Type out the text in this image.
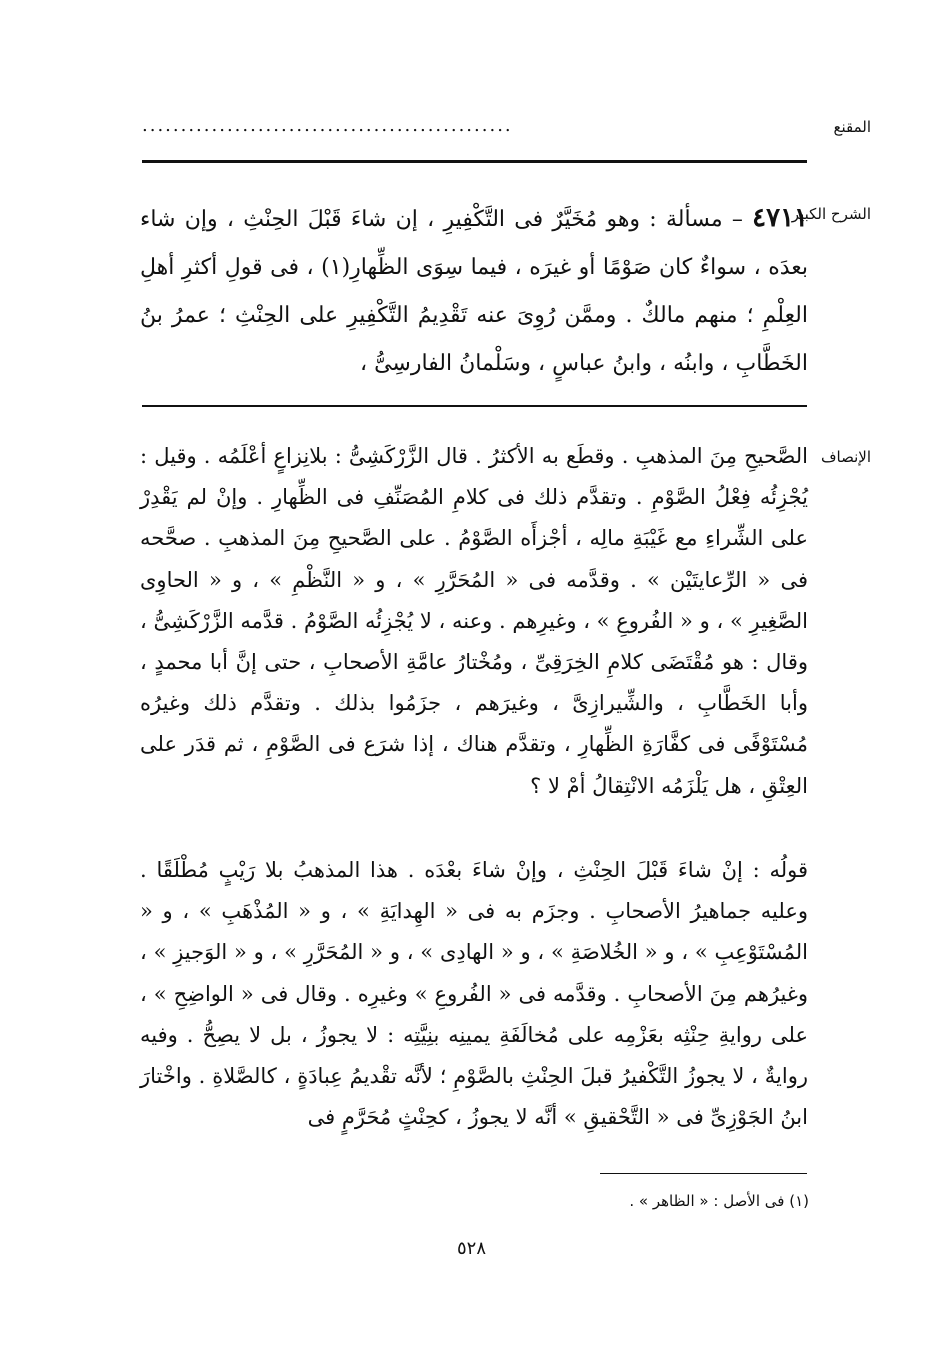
المقنع
................................................
الشرح الكبير

٤٧١١ – مسألة : وهو مُخَيَّرٌ فى التَّكْفِيرِ ، إن شاءَ قَبْلَ الحِنْثِ ، وإن شاء بعدَه ، سواءٌ كان صَوْمًا أو غيرَه ، فيما سِوَى الظِّهارِ(١) ، فى قولِ أكثرِ أهلِ العِلْمِ ؛ منهم مالكٌ . وممَّن رُوِىَ عنه تَقْدِيمُ التَّكْفِيرِ على الحِنْثِ ؛ عمرُ بنُ الخَطَّابِ ، وابنُه ، وابنُ عباسٍ ، وسَلْمانُ الفارسِىُّ ،

الإنصاف

الصَّحيحِ مِنَ المذهبِ . وقطَع به الأكثرُ . قال الزَّرْكَشِىُّ : بلانِزاعٍ أعْلَمُه . وقيل : يُجْزِئُه فِعْلُ الصَّوْمِ . وتقدَّم ذلك فى كلامِ المُصَنِّفِ فى الظِّهارِ . وإنْ لم يَقْدِرْ على الشِّراءِ مع غَيْبَةِ مالِه ، أجْزأَه الصَّوْمُ . على الصَّحيحِ مِنَ المذهبِ . صحَّحه فى « الرِّعايتَيْن » . وقدَّمه فى « المُحَرَّرِ » ، و « النَّظْمِ » ، و « الحاوِى الصَّغِيرِ » ، و « الفُروعِ » ، وغيرِهم . وعنه ، لا يُجْزِئُه الصَّوْمُ . قدَّمه الزَّرْكَشِىُّ ، وقال : هو مُقْتَضَى كلامِ الخِرَقِىِّ ، ومُخْتارُ عامَّةِ الأصحابِ ، حتى إنَّ أبا محمدٍ ، وأبا الخَطَّابِ ، والشِّيرازِىَّ ، وغيرَهم ، جزَمُوا بذلك . وتقدَّم ذلك وغيرُه مُسْتَوْفًى فى كفَّارَةِ الظِّهارِ ، وتقدَّم هناك ، إذا شرَع فى الصَّوْمِ ، ثم قدَر على العِتْقِ ، هل يَلْزَمُه الانْتِقالُ أمْ لا ؟

قولُه : إنْ شاءَ قَبْلَ الحِنْثِ ، وإنْ شاءَ بعْدَه . هذا المذهبُ بلا رَيْبٍ مُطْلَقًا . وعليه جماهيرُ الأصحابِ . وجزَم به فى « الهِدايَةِ » ، و « المُذْهَبِ » ، و « المُسْتَوْعِبِ » ، و « الخُلاصَةِ » ، و « الهادِى » ، و « المُحَرَّرِ » ، و « الوَجيزِ » ، وغيرُهم مِنَ الأصحابِ . وقدَّمه فى « الفُروعِ » وغيرِه . وقال فى « الواضِحِ » ، على روايةِ حِنْثِه بعَزْمِه على مُخالَفَةِ يمينِه بنِيَّتِه : لا يجوزُ ، بل لا يصِحُّ . وفيه روايةٌ ، لا يجوزُ التَّكْفيرُ قبلَ الحِنْثِ بالصَّوْمِ ؛ لأنَّه تقْديمُ عِبادَةٍ ، كالصَّلاةِ . واخْتارَ ابنُ الجَوْزِىِّ فى « التَّحْقيقِ » أنَّه لا يجوزُ ، كحِنْثٍ مُحَرَّمٍ فى

(١) فى الأصل : « الظاهر » .
٥٢٨
